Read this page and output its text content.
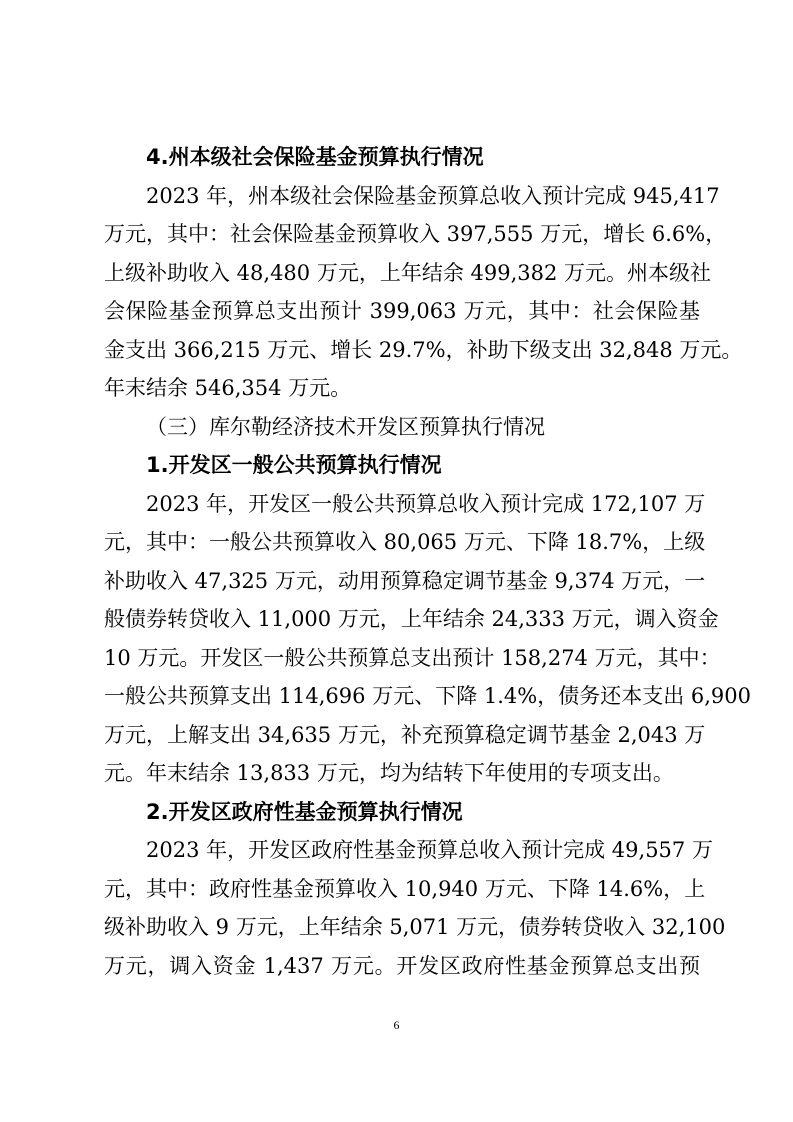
4.州本级社会保险基金预算执行情况
2023 年，州本级社会保险基金预算总收入预计完成 945,417
万元，其中：社会保险基金预算收入 397,555 万元，增长 6.6%，
上级补助收入 48,480 万元，上年结余 499,382 万元。州本级社
会保险基金预算总支出预计 399,063 万元，其中：社会保险基
金支出 366,215 万元、增长 29.7%，补助下级支出 32,848 万元。
年末结余 546,354 万元。
（三）库尔勒经济技术开发区预算执行情况
1.开发区一般公共预算执行情况
2023 年，开发区一般公共预算总收入预计完成 172,107 万
元，其中：一般公共预算收入 80,065 万元、下降 18.7%，上级
补助收入 47,325 万元，动用预算稳定调节基金 9,374 万元，一
般债券转贷收入 11,000 万元，上年结余 24,333 万元，调入资金
10 万元。开发区一般公共预算总支出预计 158,274 万元，其中：
一般公共预算支出 114,696 万元、下降 1.4%，债务还本支出 6,900
万元，上解支出 34,635 万元，补充预算稳定调节基金 2,043 万
元。年末结余 13,833 万元，均为结转下年使用的专项支出。
2.开发区政府性基金预算执行情况
2023 年，开发区政府性基金预算总收入预计完成 49,557 万
元，其中：政府性基金预算收入 10,940 万元、下降 14.6%，上
级补助收入 9 万元，上年结余 5,071 万元，债券转贷收入 32,100
万元，调入资金 1,437 万元。开发区政府性基金预算总支出预
6
